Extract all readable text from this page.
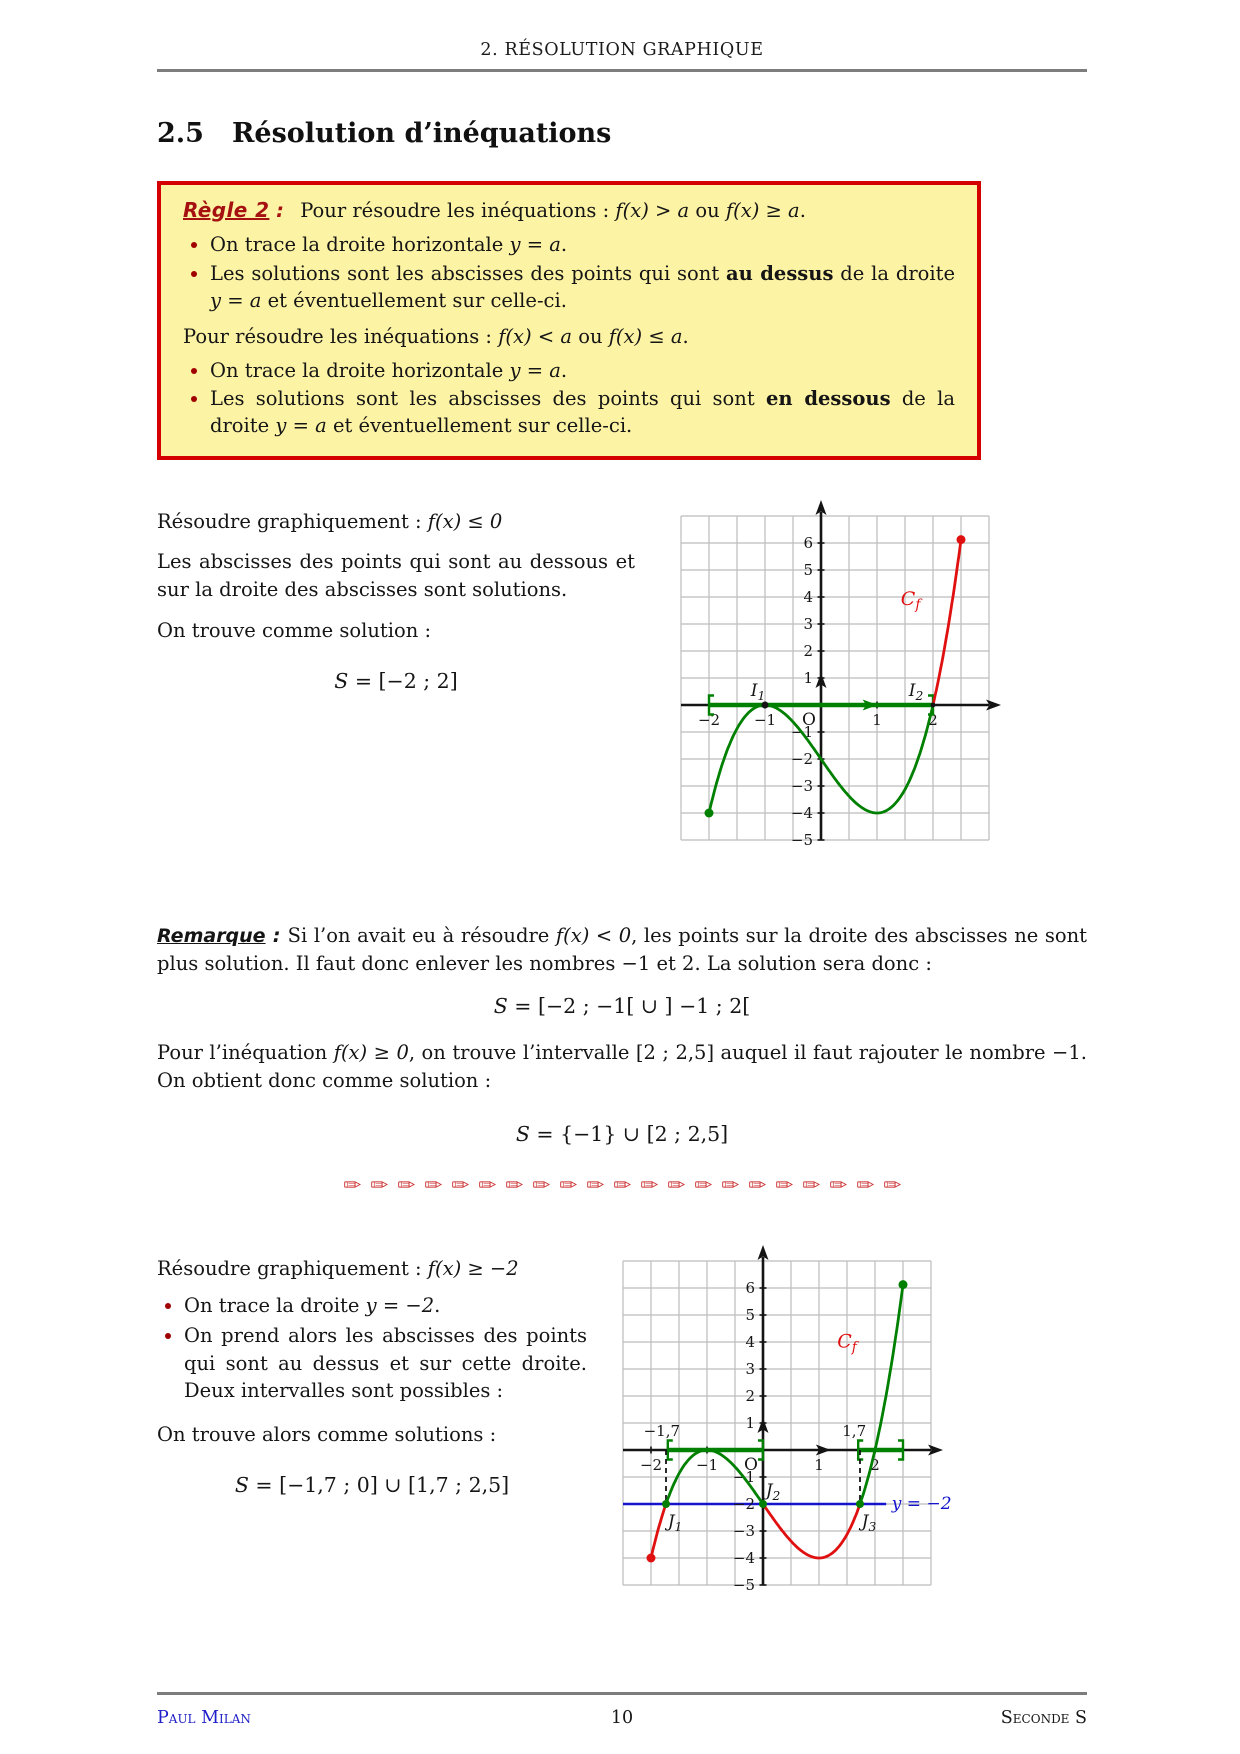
2. RÉSOLUTION GRAPHIQUE
2.5 Résolution d’inéquations
Règle 2 : Pour résoudre les inéquations : f(x) > a ou f(x) ≥ a.
• On trace la droite horizontale y = a.
• Les solutions sont les abscisses des points qui sont au dessus de la droite y = a et éventuellement sur celle-ci.
Pour résoudre les inéquations : f(x) < a ou f(x) ≤ a.
• On trace la droite horizontale y = a.
• Les solutions sont les abscisses des points qui sont en dessous de la droite y = a et éventuellement sur celle-ci.
Résoudre graphiquement : f(x) ≤ 0
Les abscisses des points qui sont au dessous et sur la droite des abscisses sont solutions.
On trouve comme solution :
S = [−2 ; 2]
6
5
4
3
2
1
−1
−2
−3
−4
−5
−2 −1	1	2
O
$I_1$	$I_2$
$C_f$
Remarque : Si l’on avait eu à résoudre f(x) < 0, les points sur la droite des abscisses ne sont plus solution. Il faut donc enlever les nombres −1 et 2. La solution sera donc :
S = [−2 ; −1[ ∪ ] −1 ; 2[
Pour l’inéquation f(x) ≥ 0, on trouve l’intervalle [2 ; 2,5] auquel il faut rajouter le nombre −1. On obtient donc comme solution :
S = {−1} ∪ [2 ; 2,5]
Résoudre graphiquement : f(x) ≥ −2
• On trace la droite y = −2.
• On prend alors les abscisses des points qui sont au dessus et sur cette droite. Deux intervalles sont possibles :
On trouve alors comme solutions :
S = [−1,7 ; 0] ∪ [1,7 ; 2,5]
6
5
4
3
2
1
−1
−2
−3
−4
−5
−2 −1	1	2
O
−1,7	1,7
$J_1$
$J_2$
$J_3$
$C_f$
y = −2
Paul Milan	10	Seconde S
